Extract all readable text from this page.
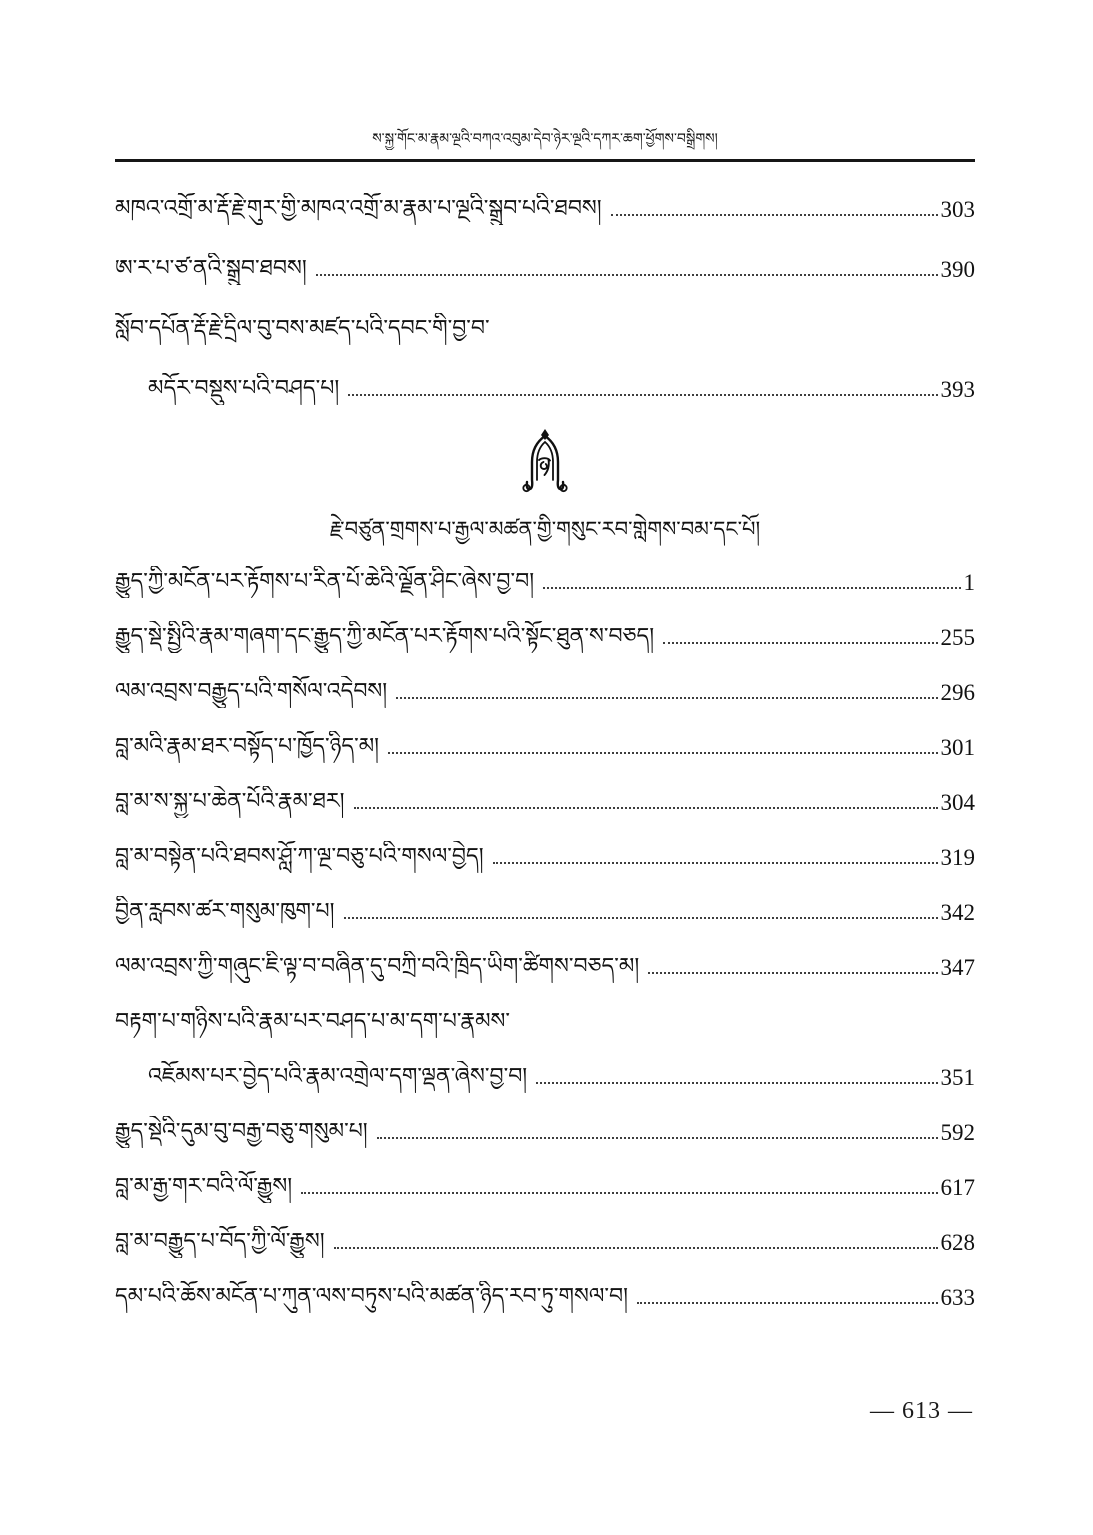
ས་སྐྱ་གོང་མ་རྣམ་ལྔའི་བཀའ་འབུམ་དེབ་ཉེར་ལྔའི་དཀར་ཆག་ཕྱོགས་བསྒྲིགས།
མཁའ་འགྲོ་མ་རྡོ་རྗེ་གུར་གྱི་མཁའ་འགྲོ་མ་རྣམ་པ་ལྔའི་སྒྲུབ་པའི་ཐབས།	303
ཨ་ར་པ་ཙ་ནའི་སྒྲུབ་ཐབས།	390
སློབ་དཔོན་རྡོ་རྗེ་དྲིལ་བུ་བས་མཛད་པའི་དབང་གི་བྱ་བ་
མདོར་བསྡུས་པའི་བཤད་པ།	393
རྗེ་བཙུན་གྲགས་པ་རྒྱལ་མཚན་གྱི་གསུང་རབ་གླེགས་བམ་དང་པོ།
རྒྱུད་ཀྱི་མངོན་པར་རྟོགས་པ་རིན་པོ་ཆེའི་ལྗོན་ཤིང་ཞེས་བྱ་བ།	1
རྒྱུད་སྡེ་སྤྱིའི་རྣམ་གཞག་དང་རྒྱུད་ཀྱི་མངོན་པར་རྟོགས་པའི་སྟོང་ཐུན་ས་བཅད།	255
ལམ་འབྲས་བརྒྱུད་པའི་གསོལ་འདེབས།	296
བླ་མའི་རྣམ་ཐར་བསྟོད་པ་ཁྱོད་ཉིད་མ།	301
བླ་མ་ས་སྐྱ་པ་ཆེན་པོའི་རྣམ་ཐར།	304
བླ་མ་བསྟེན་པའི་ཐབས་ཤློ་ཀ་ལྔ་བཅུ་པའི་གསལ་བྱེད།	319
བྱིན་རླབས་ཚར་གསུམ་ཁུག་པ།	342
ལམ་འབྲས་ཀྱི་གཞུང་ཇི་ལྟ་བ་བཞིན་དུ་བཀྲི་བའི་ཁྲིད་ཡིག་ཚིགས་བཅད་མ།	347
བརྟག་པ་གཉིས་པའི་རྣམ་པར་བཤད་པ་མ་དག་པ་རྣམས་
འཇོམས་པར་བྱེད་པའི་རྣམ་འགྲེལ་དག་ལྡན་ཞེས་བྱ་བ།	351
རྒྱུད་སྡེའི་དུམ་བུ་བརྒྱ་བཅུ་གསུམ་པ།	592
བླ་མ་རྒྱ་གར་བའི་ལོ་རྒྱུས།	617
བླ་མ་བརྒྱུད་པ་བོད་ཀྱི་ལོ་རྒྱུས།	628
དམ་པའི་ཆོས་མངོན་པ་ཀུན་ལས་བཏུས་པའི་མཚན་ཉིད་རབ་ཏུ་གསལ་བ།	633
— 613 —
